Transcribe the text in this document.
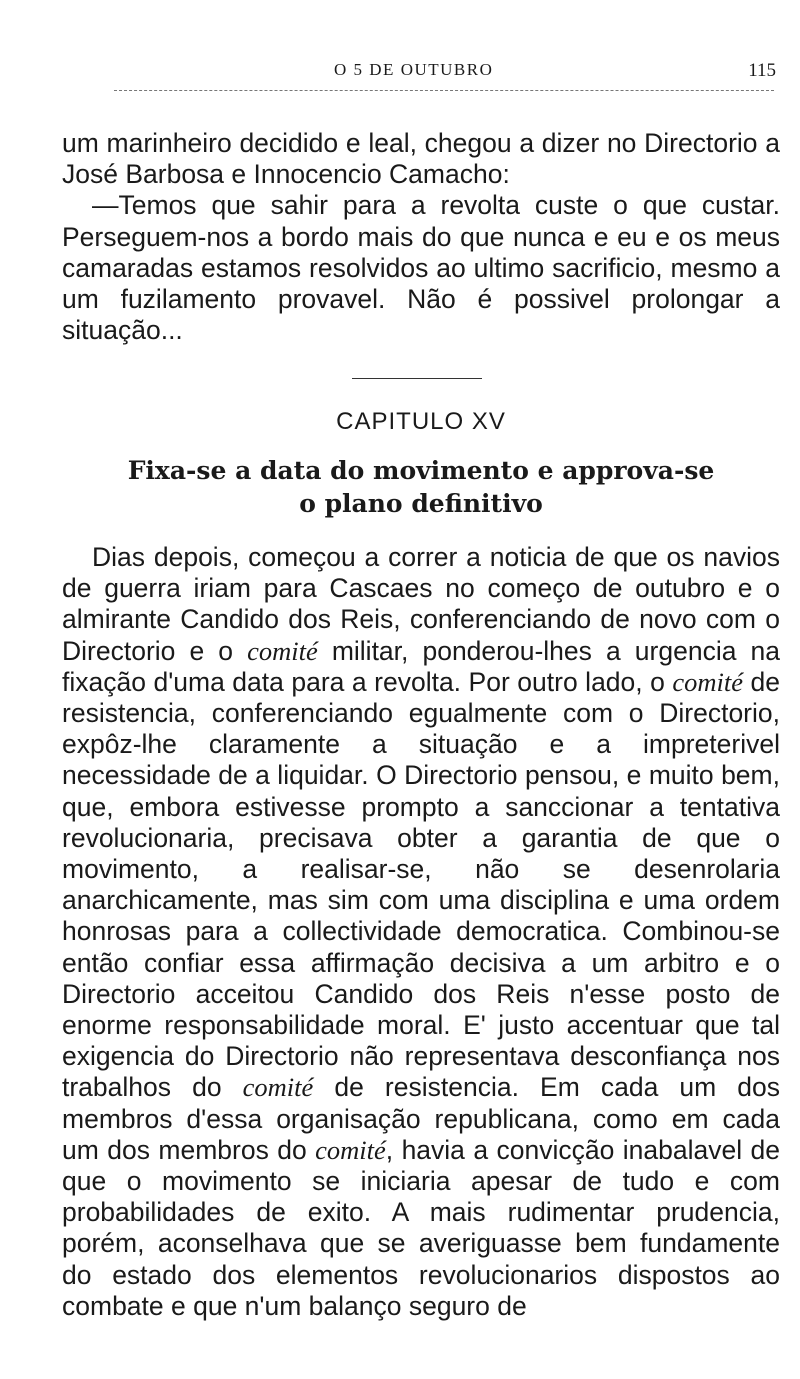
O 5 DE OUTUBRO	115

um marinheiro decidido e leal, chegou a dizer no Directorio a José Barbosa e Innocencio Camacho:

—Temos que sahir para a revolta custe o que custar. Perseguem-nos a bordo mais do que nunca e eu e os meus camaradas estamos resolvidos ao ultimo sacrificio, mesmo a um fuzilamento provavel. Não é possivel prolongar a situação...

CAPITULO XV
Fixa-se a data do movimento e approva-se
o plano definitivo

Dias depois, começou a correr a noticia de que os navios de guerra iriam para Cascaes no começo de outubro e o almirante Candido dos Reis, conferenciando de novo com o Directorio e o comité militar, ponderou-lhes a urgencia na fixação d'uma data para a revolta. Por outro lado, o comité de resistencia, conferenciando egualmente com o Directorio, expôz-lhe claramente a situação e a impreterivel necessidade de a liquidar. O Directorio pensou, e muito bem, que, embora estivesse prompto a sanccionar a tentativa revolucionaria, precisava obter a garantia de que o movimento, a realisar-se, não se desenrolaria anarchicamente, mas sim com uma disciplina e uma ordem honrosas para a collectividade democratica. Combinou-se então confiar essa affirmação decisiva a um arbitro e o Directorio acceitou Candido dos Reis n'esse posto de enorme responsabilidade moral. E' justo accentuar que tal exigencia do Directorio não representava desconfiança nos trabalhos do comité de resistencia. Em cada um dos membros d'essa organisação republicana, como em cada um dos membros do comité, havia a convicção inabalavel de que o movimento se iniciaria apesar de tudo e com probabilidades de exito. A mais rudimentar prudencia, porém, aconselhava que se averiguasse bem fundamente do estado dos elementos revolucionarios dispostos ao combate e que n'um balanço seguro de
